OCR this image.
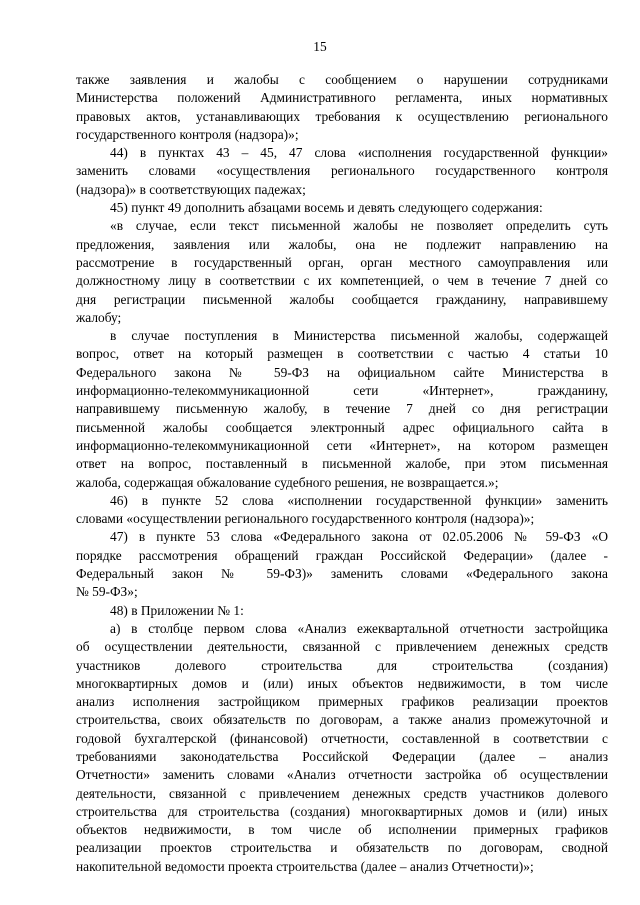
15
также заявления и жалобы с сообщением о нарушении сотрудниками
Министерства положений Административного регламента, иных нормативных
правовых актов, устанавливающих требования к осуществлению регионального
государственного контроля (надзора)»;
44) в пунктах 43 – 45, 47 слова «исполнения государственной функции»
заменить словами «осуществления регионального государственного контроля
(надзора)» в соответствующих падежах;
45) пункт 49 дополнить абзацами восемь и девять следующего содержания:
«в случае, если текст письменной жалобы не позволяет определить суть
предложения, заявления или жалобы, она не подлежит направлению на
рассмотрение в государственный орган, орган местного самоуправления или
должностному лицу в соответствии с их компетенцией, о чем в течение 7 дней со
дня регистрации письменной жалобы сообщается гражданину, направившему
жалобу;
в случае поступления в Министерства письменной жалобы, содержащей
вопрос, ответ на который размещен в соответствии с частью 4 статьи 10
Федерального закона № 59-ФЗ на официальном сайте Министерства в
информационно-телекоммуникационной сети «Интернет», гражданину,
направившему письменную жалобу, в течение 7 дней со дня регистрации
письменной жалобы сообщается электронный адрес официального сайта в
информационно-телекоммуникационной сети «Интернет», на котором размещен
ответ на вопрос, поставленный в письменной жалобе, при этом письменная
жалоба, содержащая обжалование судебного решения, не возвращается.»;
46) в пункте 52 слова «исполнении государственной функции» заменить
словами «осуществлении регионального государственного контроля (надзора)»;
47) в пункте 53 слова «Федерального закона от 02.05.2006 № 59-ФЗ «О
порядке рассмотрения обращений граждан Российской Федерации» (далее -
Федеральный закон № 59-ФЗ)» заменить словами «Федерального закона
№ 59-ФЗ»;
48) в Приложении № 1:
а) в столбце первом слова «Анализ ежеквартальной отчетности застройщика
об осуществлении деятельности, связанной с привлечением денежных средств
участников долевого строительства для строительства (создания)
многоквартирных домов и (или) иных объектов недвижимости, в том числе
анализ исполнения застройщиком примерных графиков реализации проектов
строительства, своих обязательств по договорам, а также анализ промежуточной и
годовой бухгалтерской (финансовой) отчетности, составленной в соответствии с
требованиями законодательства Российской Федерации (далее – анализ
Отчетности» заменить словами «Анализ отчетности застройка об осуществлении
деятельности, связанной с привлечением денежных средств участников долевого
строительства для строительства (создания) многоквартирных домов и (или) иных
объектов недвижимости, в том числе об исполнении примерных графиков
реализации проектов строительства и обязательств по договорам, сводной
накопительной ведомости проекта строительства (далее – анализ Отчетности)»;
